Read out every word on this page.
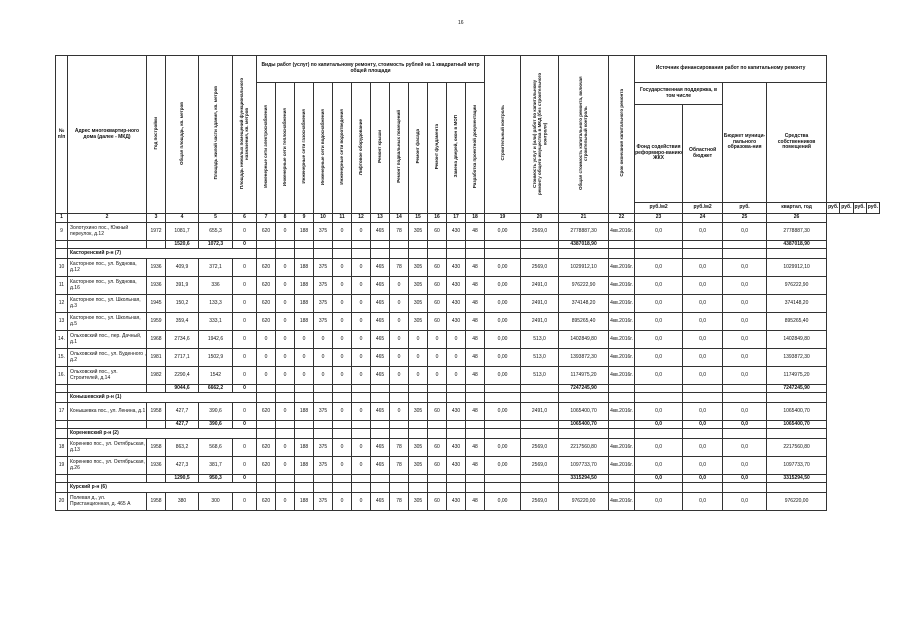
16
№ п/п	Адрес многоквартир-ного дома (далее - МКД)	Год постройки	Общая площадь, кв. метров	Площадь жилой части здания, кв. метров	Площадь нежилых помещений функционального назначения, кв. метров	Виды работ (услуг) по капитальному ремонту, стоимость рублей на 1 квадратный метр общей площади												Строительный контроль	Стоимость услуг и (или) работ по капитальному ремонту общего имущества в МКД (без строительного контроля)	Общая стоимость капитального ремонта, включая строительный контроль	Срок окончания капитального ремонта	Источник финансирования работ по капитальному ремонту							
						Инженерные сети электроснабжения	Инженерные сети теплоснабжения	Инженерные сети газоснабжения	Инженерные сети водоснабжения	Инженерные сети водоотведения	Лифтовое оборудование	Ремонт крыши	Ремонт подвальных помещений	Ремонт фасада	Ремонт фундамента	Замена дверей, окон в МОП	Разработка проектной документации					Государственная поддержка, в том числе		Бюджет муници-пального образова-ния	Средства собственников помещений				
																						Фонд содействия реформиро-ванию ЖКХ	Областной бюджет						
																						руб./м2	руб./м2	руб.	квартал, год	руб.	руб.	руб.	руб.
1	2	3	4	5	6	7	8	9	10	11	12	13	14	15	16	17	18	19	20	21	22	23	24	25	26				
9	Золотухино пос., Южный переулок, д.12	1972	1081,7	655,3	0	620	0	188	375	0	0	465	78	305	60	430	48	0,00	2569,0	2778887,30	4кв.2016г.	0,0	0,0	0,0	2778887,30				
			1520,6	1072,3	0															4387018,90					4387018,90				
	Касторенский р-н (7)																												
10	Касторное пос., ул. Буднова, д.12	1936	409,9	372,1	0	620	0	188	375	0	0	465	78	305	60	430	48	0,00	2569,0	1029912,10	4кв.2016г.	0,0	0,0	0,0	1029912,10				
11	Касторное пос., ул. Буднова, д.16	1936	391,9	336	0	620	0	188	375	0	0	465	0	305	60	430	48	0,00	2491,0	976222,90	4кв.2016г.	0,0	0,0	0,0	976222,90				
12	Касторное пос., ул. Школьная, д.3	1945	150,2	133,3	0	620	0	188	375	0	0	465	0	305	60	430	48	0,00	2491,0	374148,20	4кв.2016г.	0,0	0,0	0,0	374148,20				
13	Касторное пос., ул. Школьная, д.5	1959	359,4	333,1	0	620	0	188	375	0	0	465	0	305	60	430	48	0,00	2491,0	895265,40	4кв.2016г.	0,0	0,0	0,0	895265,40				
14.	Ольховский пос., пер. Дачный, д.1	1968	2734,6	1942,6	0	0	0	0	0	0	0	465	0	0	0	0	48	0,00	513,0	1402849,80	4кв.2016г.	0,0	0,0	0,0	1402849,80				
15.	Ольховский пос., ул. Буденного , д.2	1981	2717,1	1502,9	0	0	0	0	0	0	0	465	0	0	0	0	48	0,00	513,0	1393872,30	4кв.2016г.	0,0	0,0	0,0	1393872,30				
16.	Ольховский пос., ул. Строителей, д.14	1982	2290,4	1542	0	0	0	0	0	0	0	465	0	0	0	0	48	0,00	513,0	1174975,20	4кв.2016г.	0,0	0,0	0,0	1174975,20				
			9044,6	6662,2	0															7247245,90					7247245,90				
	Конышевский р-н (1)																												
17	Конышевка пос., ул. Ленина, д.1	1958	427,7	390,6	0	620	0	188	375	0	0	465	0	305	60	430	48	0,00	2491,0	1065400,70	4кв.2016г.	0,0	0,0	0,0	1065400,70				
			427,7	390,6	0															1065400,70		0,0	0,0	0,0	1065400,70				
	Кореневский р-н (2)																												
18	Коренево пос., ул. Октябрьская, д.13	1958	863,2	568,6	0	620	0	188	375	0	0	465	78	305	60	430	48	0,00	2569,0	2217560,80	4кв.2016г.	0,0	0,0	0,0	2217560,80				
19	Коренево пос., ул. Октябрьская, д.26	1936	427,3	381,7	0	620	0	188	375	0	0	465	78	305	60	430	48	0,00	2569,0	1097733,70	4кв.2016г.	0,0	0,0	0,0	1097733,70				
			1290,5	950,3	0															3315294,50		0,0	0,0	0,0	3315294,50				
	Курский р-н (6)																												
20	Полевая д., ул. Пристанционная, д. 465 А	1958	380	300	0	620	0	188	375	0	0	465	78	305	60	430	48	0,00	2569,0	976220,00	4кв.2016г.	0,0	0,0	0,0	976220,00				
